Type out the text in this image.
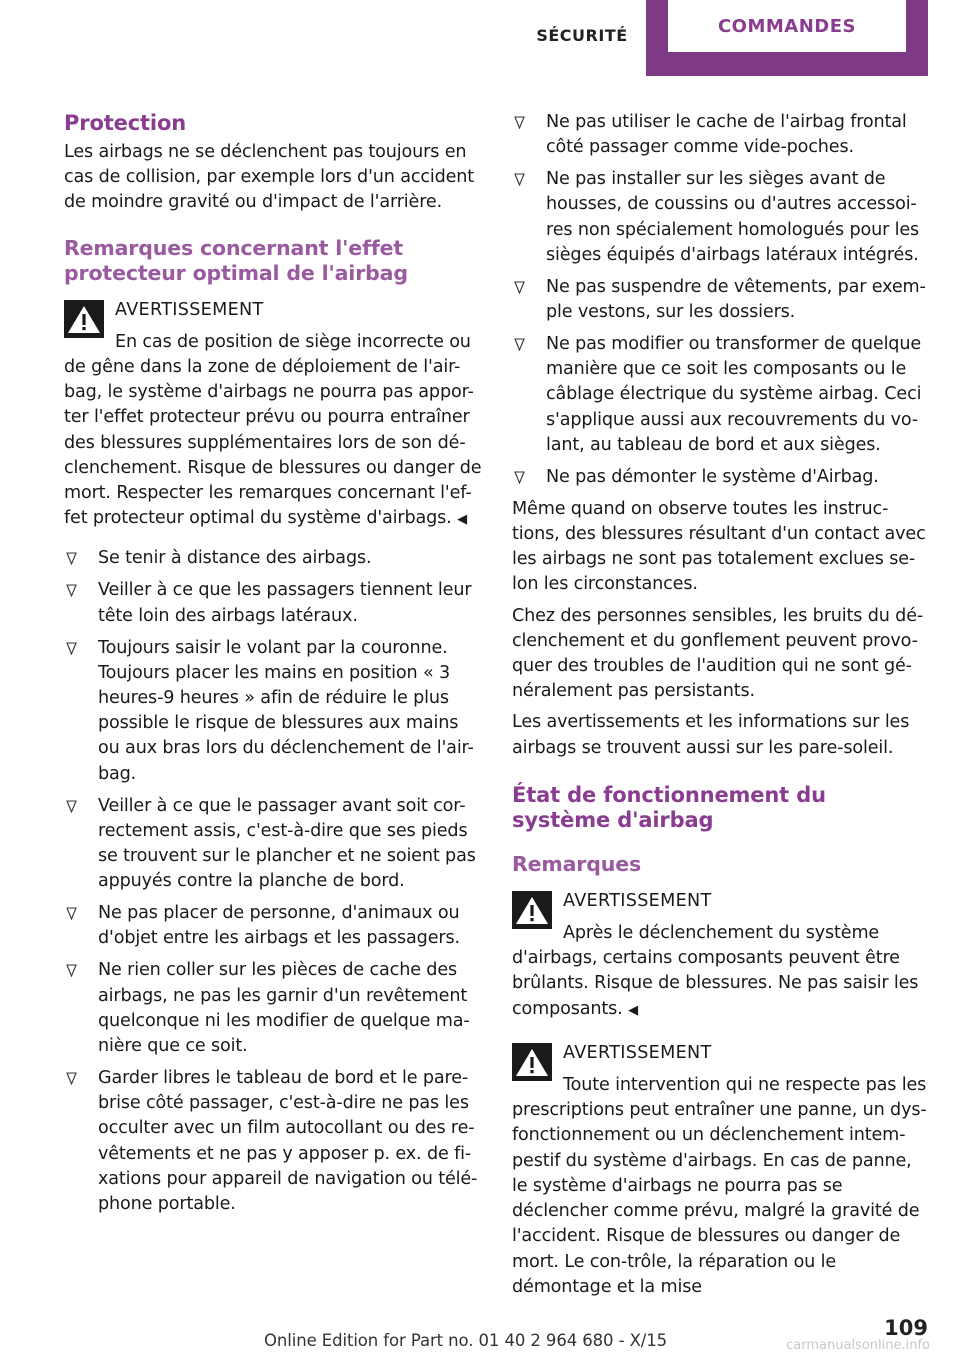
SÉCURITÉ	COMMANDES
Protection

Les airbags ne se déclenchent pas toujours en cas de collision, par exemple lors d'un accident de moindre gravité ou d'impact de l'arrière.

Remarques concernant l'effet protecteur optimal de l'airbag
AVERTISSEMENT
En cas de position de siège incorrecte ou de gêne dans la zone de déploiement de l'air-bag, le système d'airbags ne pourra pas appor-ter l'effet protecteur prévu ou pourra entraîner des blessures supplémentaires lors de son dé-clenchement. Risque de blessures ou danger de mort. Respecter les remarques concernant l'ef-fet protecteur optimal du système d'airbags. ◀
Se tenir à distance des airbags.
Veiller à ce que les passagers tiennent leur tête loin des airbags latéraux.
Toujours saisir le volant par la couronne. Toujours placer les mains en position « 3 heures-9 heures » afin de réduire le plus possible le risque de blessures aux mains ou aux bras lors du déclenchement de l'air-bag.
Veiller à ce que le passager avant soit cor-rectement assis, c'est-à-dire que ses pieds se trouvent sur le plancher et ne soient pas appuyés contre la planche de bord.
Ne pas placer de personne, d'animaux ou d'objet entre les airbags et les passagers.
Ne rien coller sur les pièces de cache des airbags, ne pas les garnir d'un revêtement quelconque ni les modifier de quelque ma-nière que ce soit.
Garder libres le tableau de bord et le pare-brise côté passager, c'est-à-dire ne pas les occulter avec un film autocollant ou des re-vêtements et ne pas y apposer p. ex. de fi-xations pour appareil de navigation ou télé-phone portable.
Ne pas utiliser le cache de l'airbag frontal côté passager comme vide-poches.
Ne pas installer sur les sièges avant de housses, de coussins ou d'autres accessoi-res non spécialement homologués pour les sièges équipés d'airbags latéraux intégrés.
Ne pas suspendre de vêtements, par exem-ple vestons, sur les dossiers.
Ne pas modifier ou transformer de quelque manière que ce soit les composants ou le câblage électrique du système airbag. Ceci s'applique aussi aux recouvrements du vo-lant, au tableau de bord et aux sièges.
Ne pas démonter le système d'Airbag.

Même quand on observe toutes les instruc-tions, des blessures résultant d'un contact avec les airbags ne sont pas totalement exclues se-lon les circonstances.

Chez des personnes sensibles, les bruits du dé-clenchement et du gonflement peuvent provo-quer des troubles de l'audition qui ne sont gé-néralement pas persistants.

Les avertissements et les informations sur les airbags se trouvent aussi sur les pare-soleil.

État de fonctionnement du système d'airbag
Remarques
AVERTISSEMENT
Après le déclenchement du système d'airbags, certains composants peuvent être brûlants. Risque de blessures. Ne pas saisir les composants. ◀
AVERTISSEMENT
Toute intervention qui ne respecte pas les prescriptions peut entraîner une panne, un dys-fonctionnement ou un déclenchement intem-pestif du système d'airbags. En cas de panne, le système d'airbags ne pourra pas se déclencher comme prévu, malgré la gravité de l'accident. Risque de blessures ou danger de mort. Le con-trôle, la réparation ou le démontage et la mise
109
Online Edition for Part no. 01 40 2 964 680 - X/15	carmanualsonline.info
